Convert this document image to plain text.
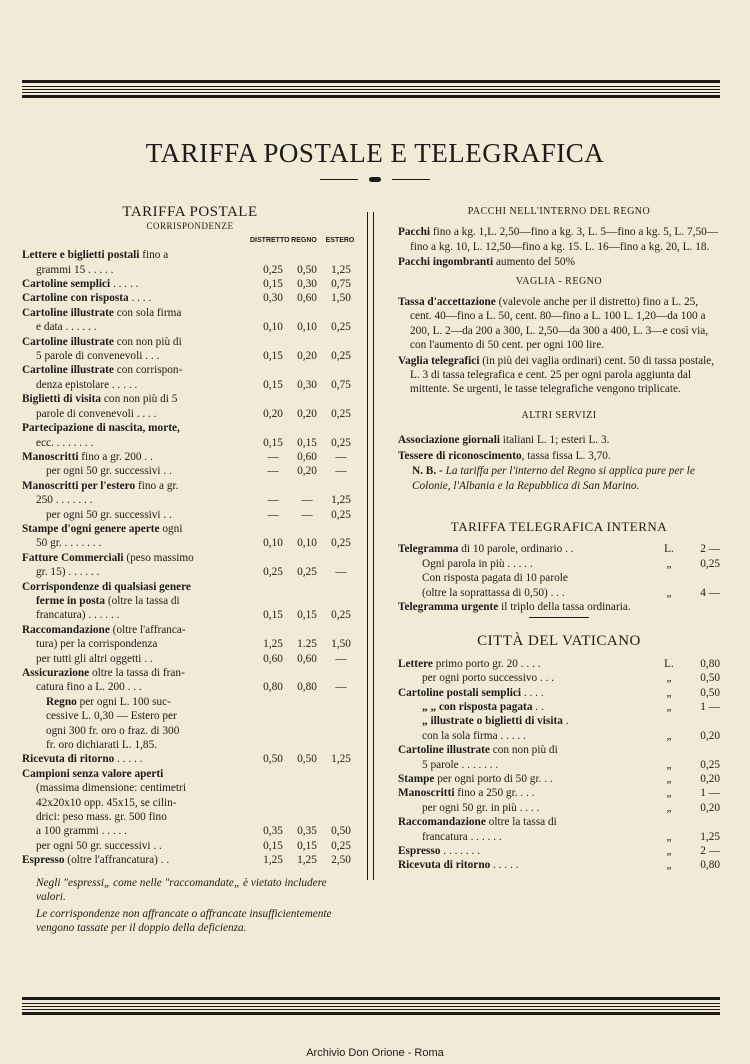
TARIFFA POSTALE E TELEGRAFICA
TARIFFA POSTALE
CORRISPONDENZE
DISTRETTO REGNO	ESTERO
Lettere e biglietti postali fino a
grammi 15 . . . . .	0,25	0,50	1,25
Cartoline semplici . . . . .	0,15	0,30	0,75
Cartoline con risposta . . . .	0,30	0,60	1,50
Cartoline illustrate con sola firma
e data . . . . . .	0,10	0,10	0,25
Cartoline illustrate con non più di
5 parole di convenevoli . . .	0,15	0,20	0,25
Cartoline illustrate con corrispon-
denza epistolare . . . . .	0,15	0,30	0,75
Biglietti di visita con non più di 5
parole di convenevoli . . . .	0,20	0,20	0,25
Partecipazione di nascita, morte,
ecc. . . . . . . .	0,15	0,15	0,25
Manoscritti fino a gr. 200 . .	—	0,60	—
per ogni 50 gr. successivi . .	—	0,20	—
Manoscritti per l'estero fino a gr.
250 . . . . . . .	—	—	1,25
per ogni 50 gr. successivi . .	—	—	0,25
Stampe d'ogni genere aperte ogni
50 gr. . . . . . . .	0,10	0,10	0,25
Fatture Commerciali (peso massimo
gr. 15) . . . . . .	0,25	0,25	—
Corrispondenze di qualsiasi genere
ferme in posta (oltre la tassa di
francatura) . . . . . .	0,15	0,15	0,25
Raccomandazione (oltre l'affranca-
tura) per la corrispondenza	1,25	1.25	1,50
per tutti gli altri oggetti . .	0,60	0,60	—
Assicurazione oltre la tassa di fran-
catura fino a L. 200 . . .	0,80	0,80	—
Regno per ogni L. 100 suc-
cessive L. 0,30 — Estero per
ogni 300 fr. oro o fraz. di 300
fr. oro dichiarati L. 1,85.
Ricevuta di ritorno . . . . .	0,50	0,50	1,25
Campioni senza valore aperti
(massima dimensione: centimetri
42x20x10 opp. 45x15, se cilin-
drici: peso mass. gr. 500 fino
a 100 grammi . . . . .	0,35	0,35	0,50
per ogni 50 gr. successivi . .	0,15	0,15	0,25
Espresso (oltre l'affrancatura) . .	1,25	1,25	2,50
Negli "espressi„ come nelle "raccomandate„ è vietato includere valori.
Le corrispondenze non affrancate o affrancate insufficientemente vengono tassate per il doppio della deficienza.
PACCHI NELL'INTERNO DEL REGNO
Pacchi fino a kg. 1,L. 2,50—fino a kg. 3, L. 5—fino a kg. 5, L. 7,50—fino a kg. 10, L. 12,50—fino a kg. 15. L. 16—fino a kg. 20, L. 18.
Pacchi ingombranti aumento del 50%
VAGLIA - REGNO
Tassa d'accettazione (valevole anche per il distretto) fino a L. 25, cent. 40—fino a L. 50, cent. 80—fino a L. 100 L. 1,20—da 100 a 200, L. 2—da 200 a 300, L. 2,50—da 300 a 400, L. 3—e così via, con l'aumento di 50 cent. per ogni 100 lire.
Vaglia telegrafici (in più dei vaglia ordinari) cent. 50 di tassa postale, L. 3 di tassa telegrafica e cent. 25 per ogni parola aggiunta dal mittente. Se urgenti, le tasse telegrafiche vengono triplicate.
ALTRI SERVIZI
Associazione giornali italiani L. 1; esteri L. 3.
Tessere di riconoscimento, tassa fissa L. 3,70.
N. B. - La tariffa per l'interno del Regno si applica pure per le Colonie, l'Albania e la Repubblica di San Marino.
TARIFFA TELEGRAFICA INTERNA
Telegramma di 10 parole, ordinario . .	L.	2 —
Ogni parola in più . . . . .	„	0,25
Con risposta pagata di 10 parole
(oltre la soprattassa di 0,50) . . .	„	4 —
Telegramma urgente il triplo della tassa ordinaria.
CITTÀ DEL VATICANO
Lettere primo porto gr. 20 . . . .	L.	0,80
per ogni porto successivo . . .	„	0,50
Cartoline postali semplici . . . .	„	0,50
„ „ con risposta pagata . .	„	1 —
„ illustrate o biglietti di visita .
con la sola firma . . . . .	„	0,20
Cartoline illustrate con non più di
5 parole . . . . . . .	„	0,25
Stampe per ogni porto di 50 gr. . .	„	0,20
Manoscritti fino a 250 gr. . . .	„	1 —
per ogni 50 gr. in più . . . .	„	0,20
Raccomandazione oltre la tassa di
francatura . . . . . .	„	1,25
Espresso . . . . . . .	„	2 —
Ricevuta di ritorno . . . . .	„	0,80
Archivio Don Orione - Roma
